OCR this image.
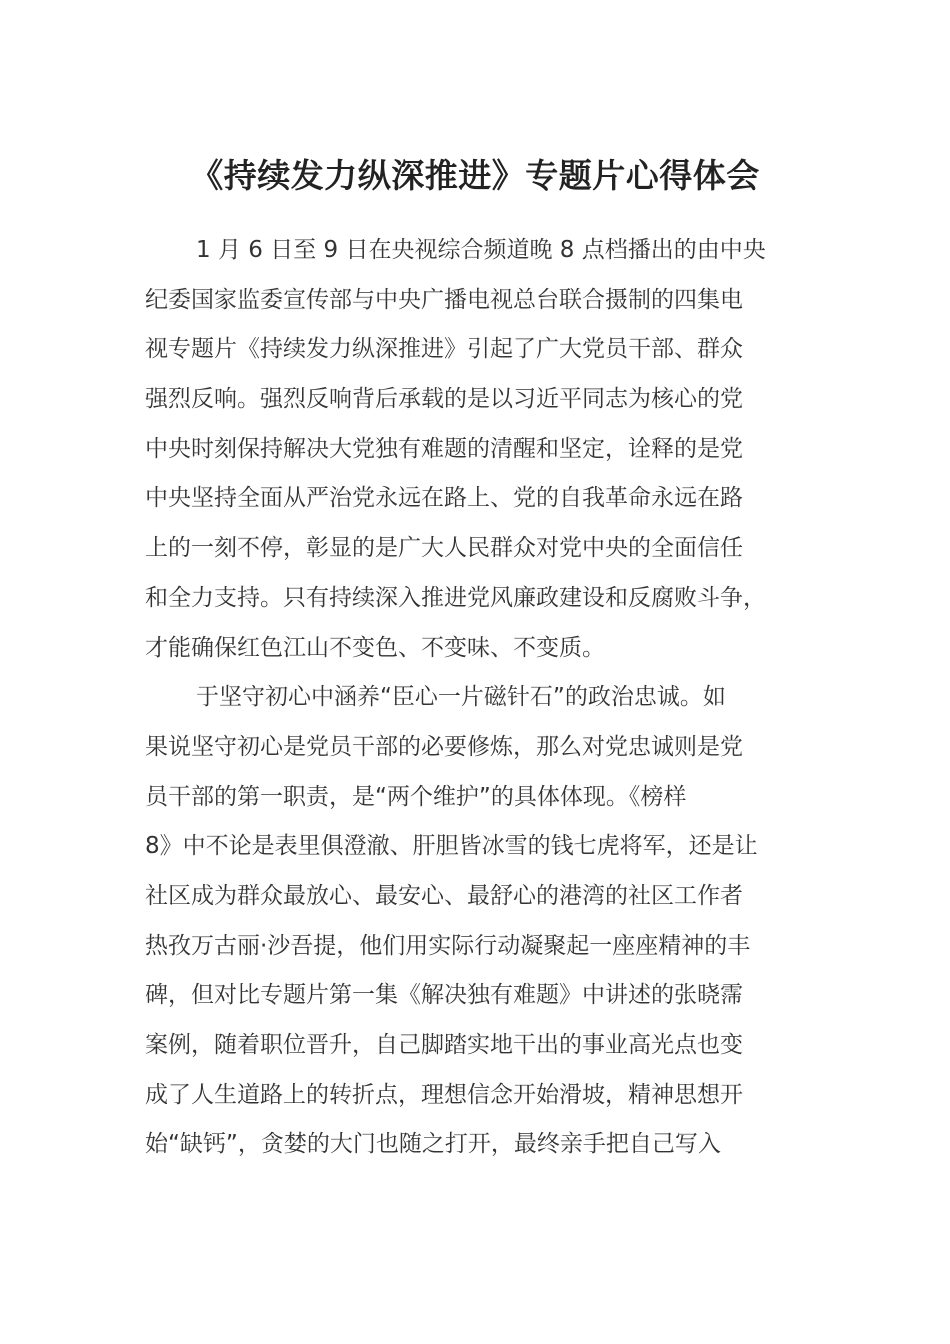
《持续发力纵深推进》专题片心得体会
1 月 6 日至 9 日在央视综合频道晚 8 点档播出的由中央
纪委国家监委宣传部与中央广播电视总台联合摄制的四集电
视专题片《持续发力纵深推进》引起了广大党员干部、群众
强烈反响。强烈反响背后承载的是以习近平同志为核心的党
中央时刻保持解决大党独有难题的清醒和坚定，诠释的是党
中央坚持全面从严治党永远在路上、党的自我革命永远在路
上的一刻不停，彰显的是广大人民群众对党中央的全面信任
和全力支持。只有持续深入推进党风廉政建设和反腐败斗争，
才能确保红色江山不变色、不变味、不变质。
于坚守初心中涵养“臣心一片磁针石”的政治忠诚。如
果说坚守初心是党员干部的必要修炼，那么对党忠诚则是党
员干部的第一职责，是“两个维护”的具体体现。《榜样
8》中不论是表里俱澄澈、肝胆皆冰雪的钱七虎将军，还是让
社区成为群众最放心、最安心、最舒心的港湾的社区工作者
热孜万古丽·沙吾提，他们用实际行动凝聚起一座座精神的丰
碑，但对比专题片第一集《解决独有难题》中讲述的张晓霈
案例，随着职位晋升，自己脚踏实地干出的事业高光点也变
成了人生道路上的转折点，理想信念开始滑坡，精神思想开
始“缺钙”，贪婪的大门也随之打开，最终亲手把自己写入
